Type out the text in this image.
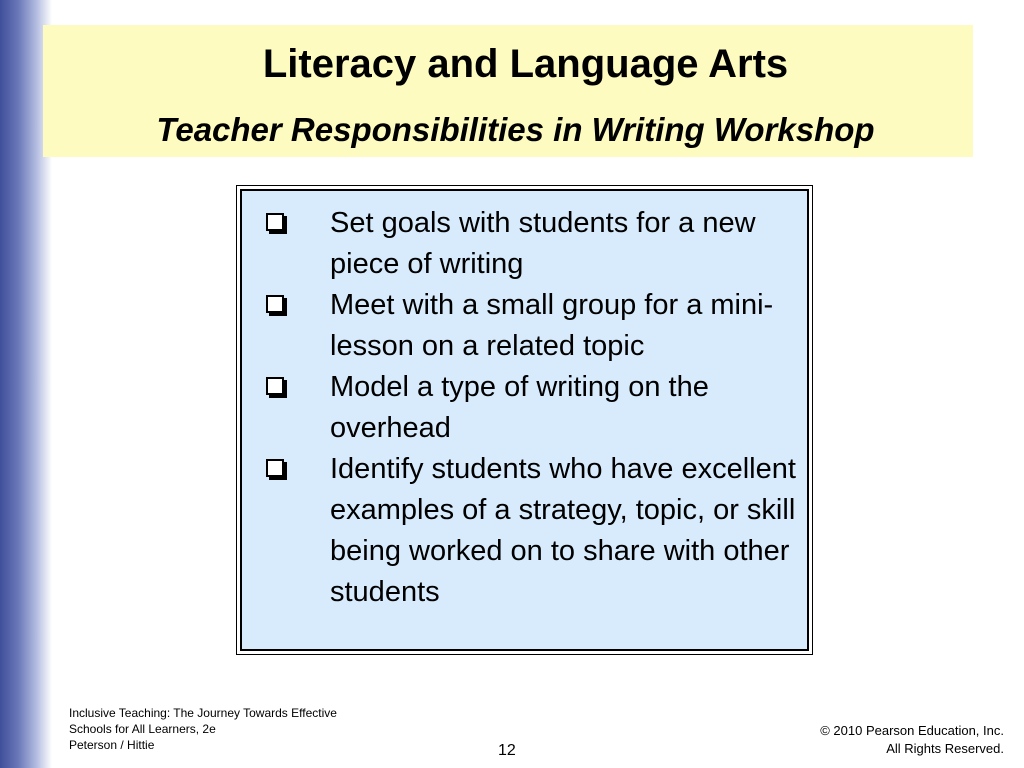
Literacy and Language Arts
Teacher Responsibilities in Writing Workshop
Set goals with students for a new piece of writing
Meet with a small group for a mini-lesson on a related topic
Model a type of writing on the overhead
Identify students who have excellent examples of a strategy, topic, or skill being worked on to share with other students
Inclusive Teaching: The Journey Towards Effective
Schools for All Learners, 2e
Peterson / Hittie	12
© 2010 Pearson Education, Inc.
All Rights Reserved.
